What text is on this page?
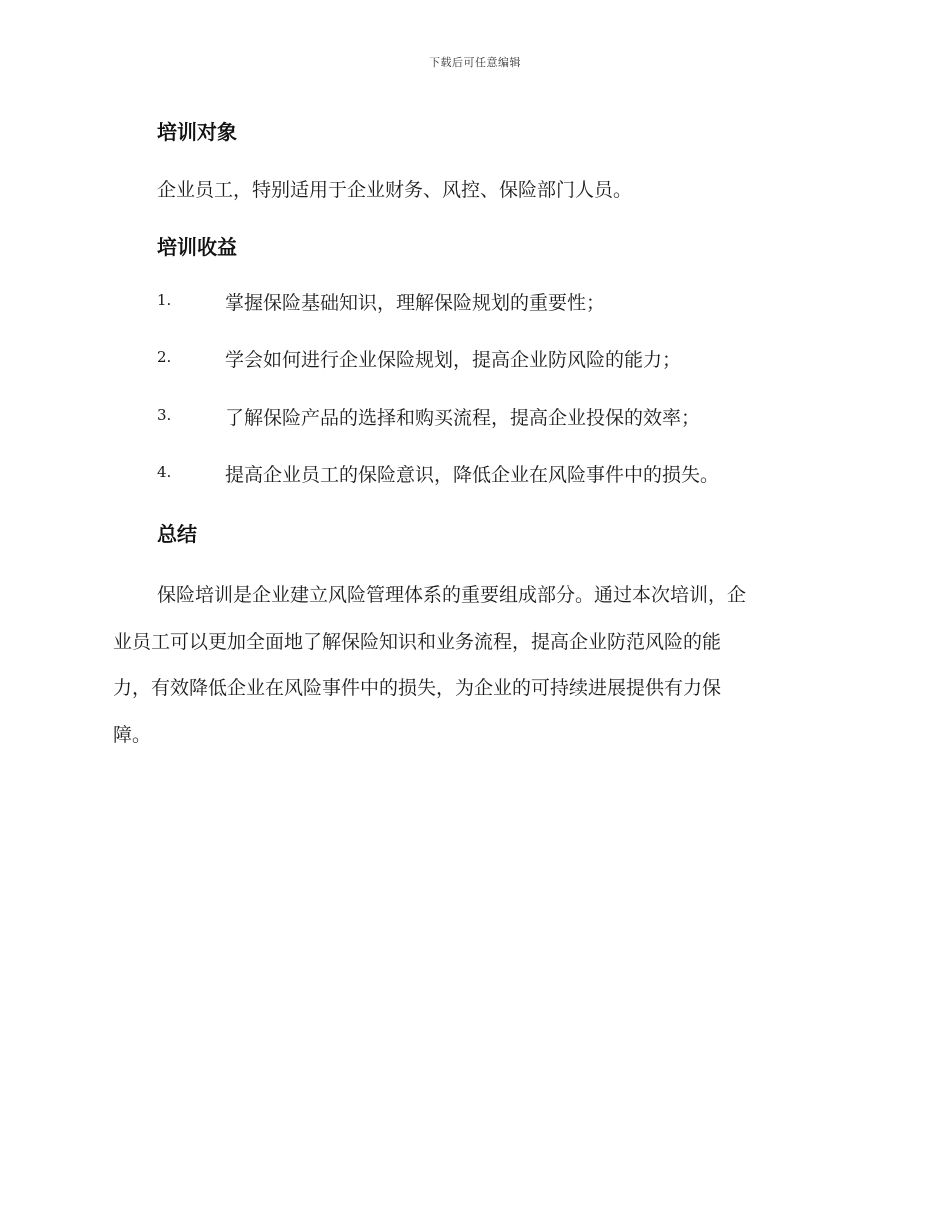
下载后可任意编辑
培训对象
企业员工，特别适用于企业财务、风控、保险部门人员。
培训收益
1.	掌握保险基础知识，理解保险规划的重要性；
2.	学会如何进行企业保险规划，提高企业防风险的能力；
3.	了解保险产品的选择和购买流程，提高企业投保的效率；
4.	提高企业员工的保险意识，降低企业在风险事件中的损失。
总结
保险培训是企业建立风险管理体系的重要组成部分。通过本次培训，企
业员工可以更加全面地了解保险知识和业务流程，提高企业防范风险的能
力，有效降低企业在风险事件中的损失，为企业的可持续进展提供有力保
障。
